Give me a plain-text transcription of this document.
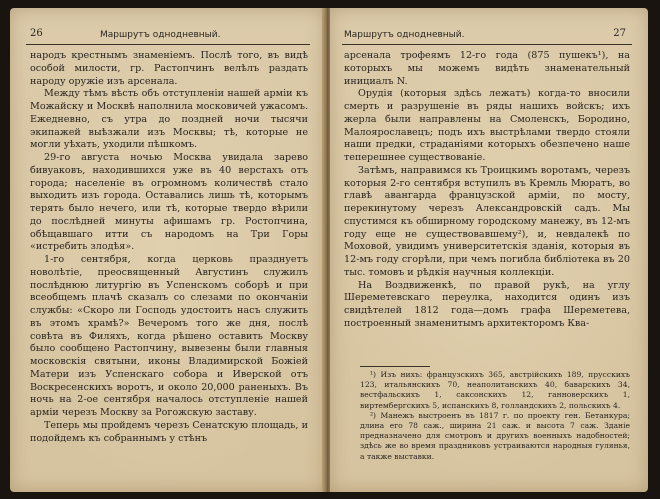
26	Маршрутъ однодневный.

народъ крестнымъ знаменiемъ. Послѣ того, въ видѣ особой милости, гр. Растопчинъ велѣлъ раздать народу оружiе изъ арсенала.

Между тѣмъ вѣсть объ отступленiи нашей армiи къ Можайску и Москвѣ наполнила московичей ужасомъ. Ежедневно, съ утра до поздней ночи тысячи экипажей выѣзжали изъ Москвы; тѣ, которые не могли уѣхать, уходили пѣшкомъ.

29-го августа ночью Москва увидала зарево бивуаковъ, находившихся уже въ 40 верстахъ отъ города; населенiе въ огромномъ количествѣ стало выходить изъ города. Оставались лишь тѣ, которымъ терять было нечего, или тѣ, которые твердо вѣрили до послѣдней минуты афишамъ гр. Ростопчина, обѣщавшаго итти съ народомъ на Три Горы «истребить злодѣя».

1-го сентября, когда церковь празднуетъ новолѣтiе, преосвященный Августинъ служилъ послѣднюю литургiю въ Успенскомъ соборѣ и при всеобщемъ плачѣ сказалъ со слезами по окончанiи службы: «Скоро ли Господь удостоитъ насъ служить въ этомъ храмѣ?» Вечеромъ того же дня, послѣ совѣта въ Филяхъ, когда рѣшено оставить Москву было сообщено Растопчину, вывезены были главныя московскiя святыни, иконы Владимирской Божiей Матери изъ Успенскаго собора и Иверской отъ Воскресенскихъ воротъ, и около 20,000 раненыхъ. Въ ночь на 2-ое сентября началось отступленiе нашей армiи черезъ Москву за Рогожскую заставу.

Теперь мы пройдемъ черезъ Сенатскую площадь, и подойдемъ къ собраннымъ у стѣнъ

Маршрутъ однодневный.	27

арсенала трофеямъ 12-го года (875 пушекъ¹), на которыхъ мы можемъ видѣть знаменательный инициалъ N.

Орудiя (которыя здѣсь лежатъ) когда-то вносили смерть и разрушенiе въ ряды нашихъ войскъ; ихъ жерла были направлены на Смоленскъ, Бородино, Малоярославецъ; подъ ихъ выстрѣлами твердо стояли наши предки, страданiями которыхъ обезпечено наше теперешнее существованiе.

Затѣмъ, направимся къ Троицкимъ воротамъ, черезъ которыя 2-го сентября вступилъ въ Кремль Мюратъ, во главѣ авангарда французской армiи, по мосту, перекинутому черезъ Александровскiй садъ. Мы спустимся къ обширному городскому манежу, въ 12-мъ году еще не существовавшему²), и, невдалекѣ по Моховой, увидимъ университетскiя зданiя, которыя въ 12-мъ году сгорѣли, при чемъ погибла библiотека въ 20 тыс. томовъ и рѣдкiя научныя коллекцiи.

На Воздвиженкѣ, по правой рукѣ, на углу Шереметевскаго переулка, находится одинъ изъ свидѣтелей 1812 года—домъ графа Шереметева, построенный знаменитымъ архитекторомъ Ква-

¹) Изъ нихъ: французскихъ 365, австрiйскихъ 189, прусскихъ 123, итальянскихъ 70, неаполитанскихъ 40, баварскихъ 34, вестфальскихъ 1, саксонскихъ 12, ганноверскихъ 1, виртембергскихъ 5, испанскихъ 8, голландскихъ 2, польскихъ 4.

²) Манежъ выстроенъ въ 1817 г. по проекту ген. Бетанкура; длина его 78 саж., ширина 21 саж. и высота 7 саж. Зданiе предназначено для смотровъ и другихъ военныхъ надобностей; здѣсь же во время праздниковъ устраиваются народныя гулянья, а также выставки.
